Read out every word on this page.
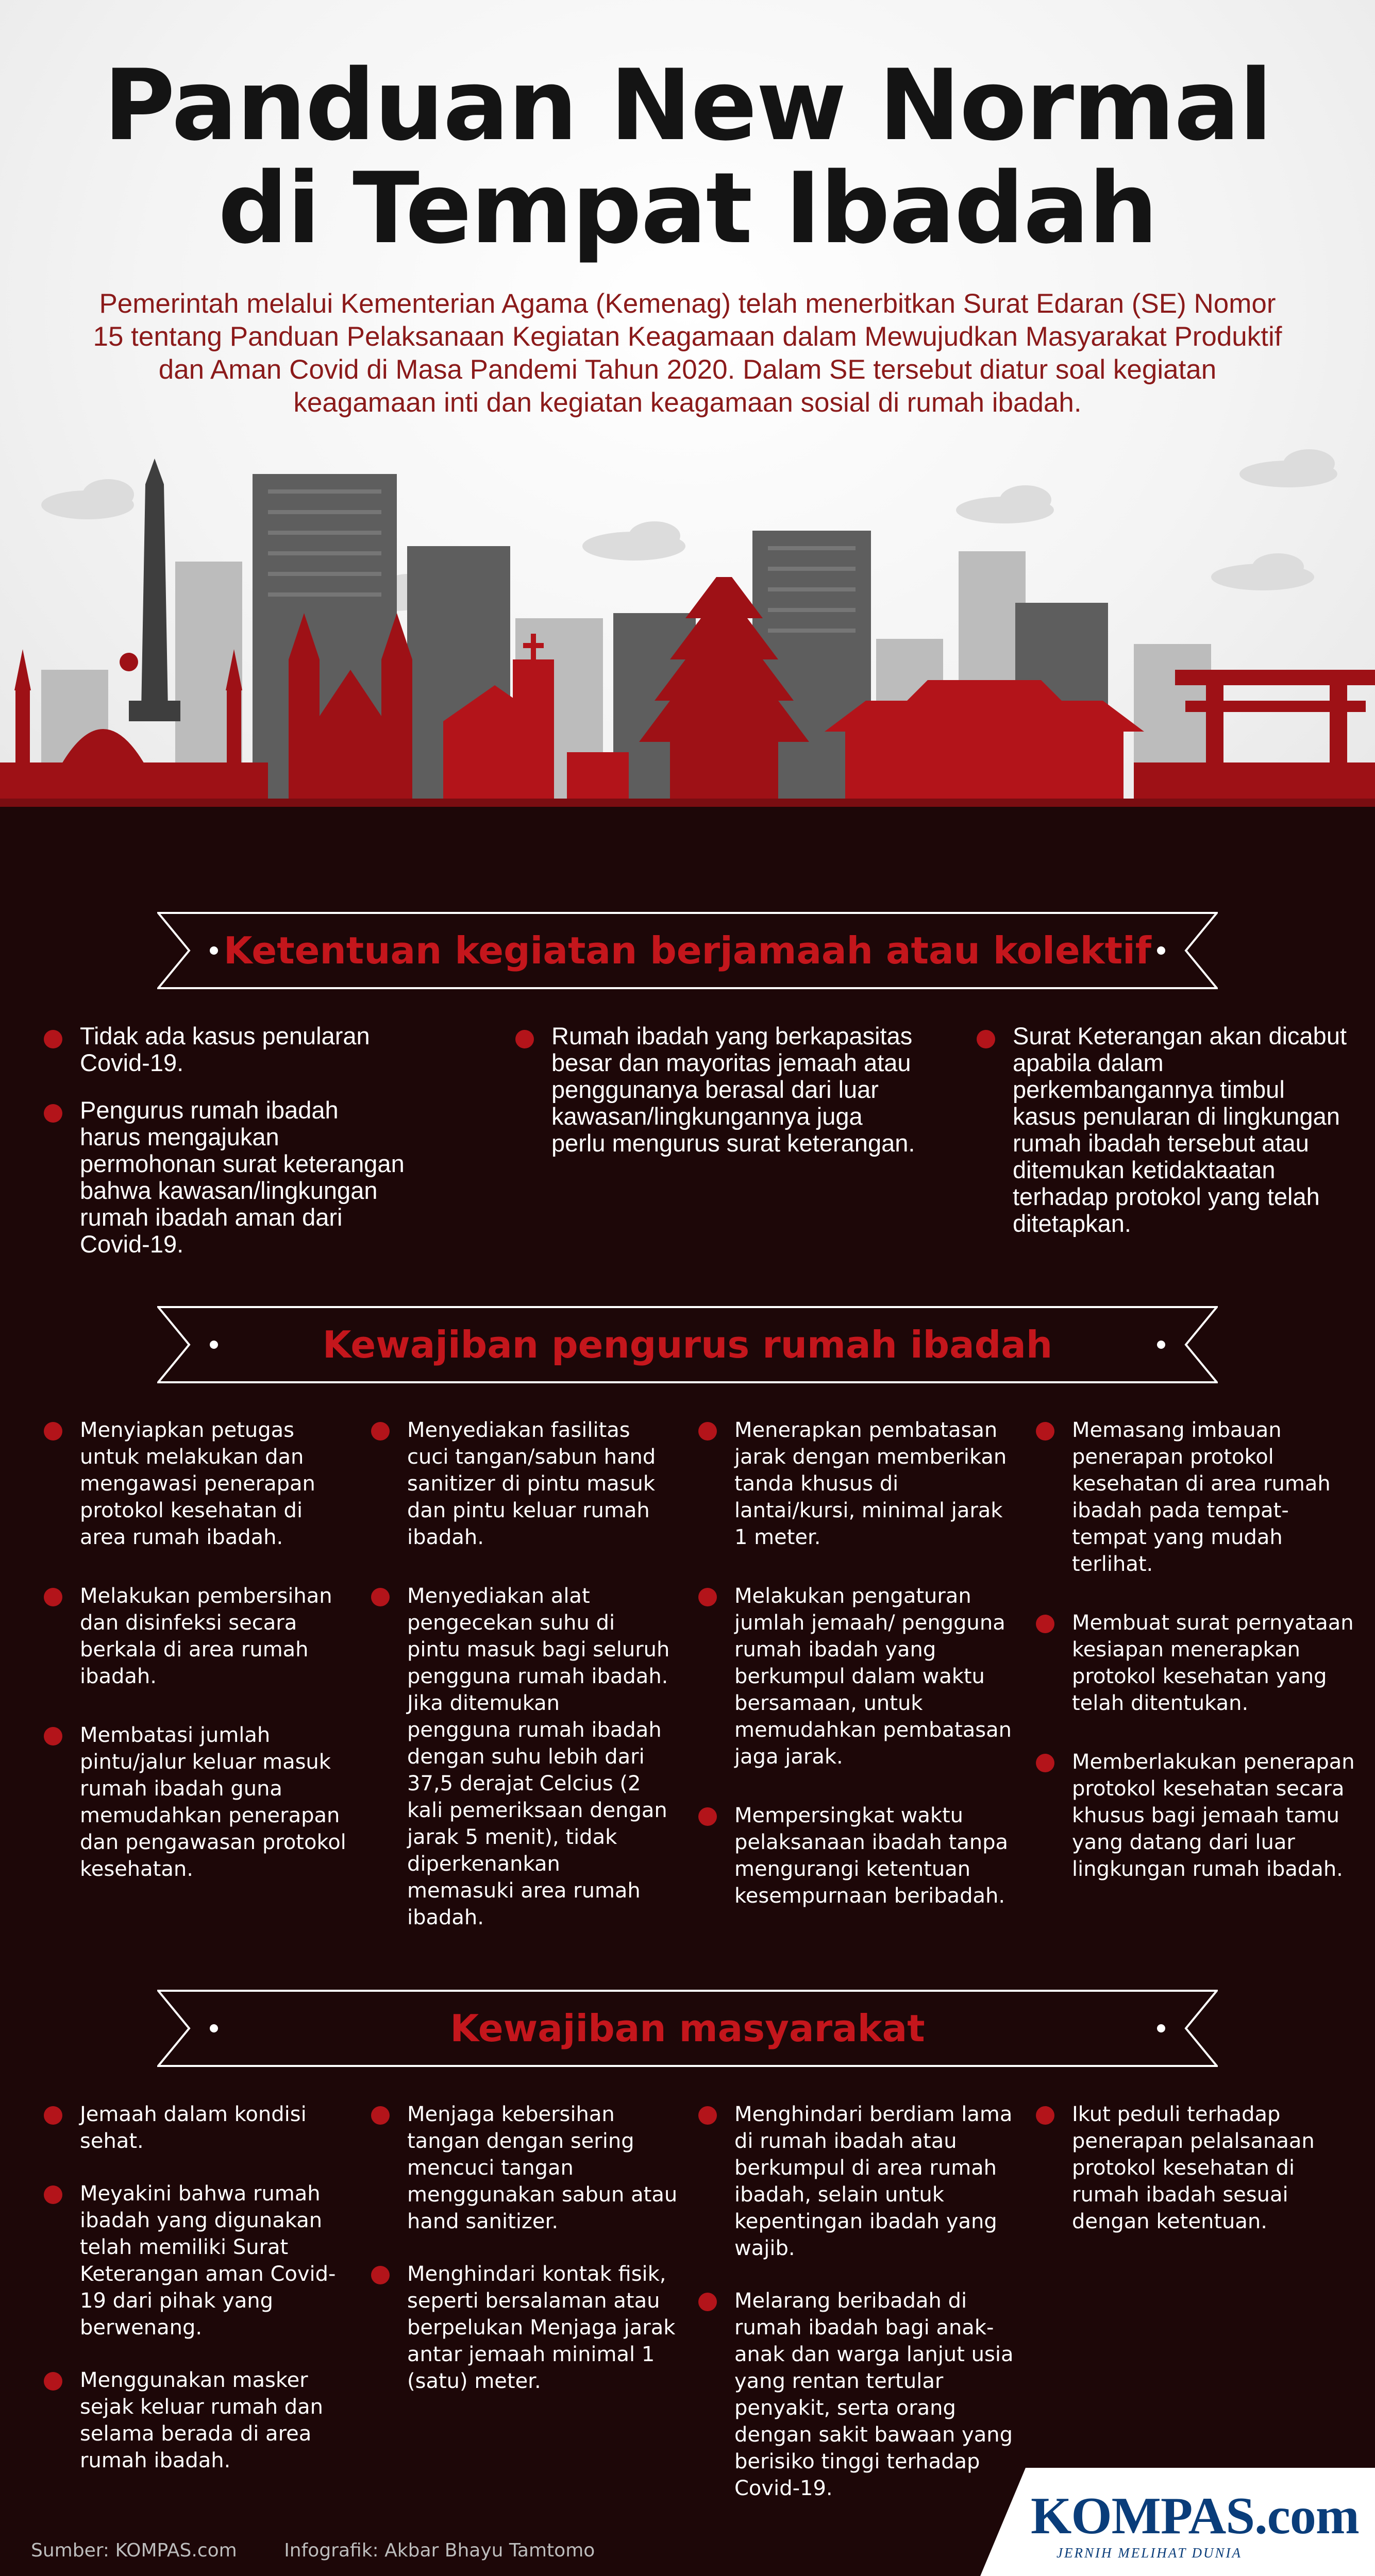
Panduan New Normal
di Tempat Ibadah
Pemerintah melalui Kementerian Agama (Kemenag) telah menerbitkan Surat Edaran (SE) Nomor 15 tentang Panduan Pelaksanaan Kegiatan Keagamaan dalam Mewujudkan Masyarakat Produktif dan Aman Covid di Masa Pandemi Tahun 2020. Dalam SE tersebut diatur soal kegiatan keagamaan inti dan kegiatan keagamaan sosial di rumah ibadah.
Ketentuan kegiatan berjamaah atau kolektif
Tidak ada kasus penularan Covid-19.
Pengurus rumah ibadah harus mengajukan permohonan surat keterangan bahwa kawasan/lingkungan rumah ibadah aman dari Covid-19.
Rumah ibadah yang berkapasitas besar dan mayoritas jemaah atau penggunanya berasal dari luar kawasan/lingkungannya juga perlu mengurus surat keterangan.
Surat Keterangan akan dicabut apabila dalam perkembangannya timbul kasus penularan di lingkungan rumah ibadah tersebut atau ditemukan ketidaktaatan terhadap protokol yang telah ditetapkan.
Kewajiban pengurus rumah ibadah
Menyiapkan petugas untuk melakukan dan mengawasi penerapan protokol kesehatan di area rumah ibadah.
Melakukan pembersihan dan disinfeksi secara berkala di area rumah ibadah.
Membatasi jumlah pintu/jalur keluar masuk rumah ibadah guna memudahkan penerapan dan pengawasan protokol kesehatan.
Menyediakan fasilitas cuci tangan/sabun hand sanitizer di pintu masuk dan pintu keluar rumah ibadah.
Menyediakan alat pengecekan suhu di pintu masuk bagi seluruh pengguna rumah ibadah. Jika ditemukan pengguna rumah ibadah dengan suhu lebih dari 37,5 derajat Celcius (2 kali pemeriksaan dengan jarak 5 menit), tidak diperkenankan memasuki area rumah ibadah.
Menerapkan pembatasan jarak dengan memberikan tanda khusus di lantai/kursi, minimal jarak 1 meter.
Melakukan pengaturan jumlah jemaah/ pengguna rumah ibadah yang berkumpul dalam waktu bersamaan, untuk memudahkan pembatasan jaga jarak.
Mempersingkat waktu pelaksanaan ibadah tanpa mengurangi ketentuan kesempurnaan beribadah.
Memasang imbauan penerapan protokol kesehatan di area rumah ibadah pada tempat-tempat yang mudah terlihat.
Membuat surat pernyataan kesiapan menerapkan protokol kesehatan yang telah ditentukan.
Memberlakukan penerapan protokol kesehatan secara khusus bagi jemaah tamu yang datang dari luar lingkungan rumah ibadah.
Kewajiban masyarakat
Jemaah dalam kondisi sehat.
Meyakini bahwa rumah ibadah yang digunakan telah memiliki Surat Keterangan aman Covid-19 dari pihak yang berwenang.
Menggunakan masker sejak keluar rumah dan selama berada di area rumah ibadah.
Menjaga kebersihan tangan dengan sering mencuci tangan menggunakan sabun atau hand sanitizer.
Menghindari kontak fisik, seperti bersalaman atau berpelukan Menjaga jarak antar jemaah minimal 1 (satu) meter.
Menghindari berdiam lama di rumah ibadah atau berkumpul di area rumah ibadah, selain untuk kepentingan ibadah yang wajib.
Melarang beribadah di rumah ibadah bagi anak-anak dan warga lanjut usia yang rentan tertular penyakit, serta orang dengan sakit bawaan yang berisiko tinggi terhadap Covid-19.
Ikut peduli terhadap penerapan pelalsanaan protokol kesehatan di rumah ibadah sesuai dengan ketentuan.
Sumber: KOMPAS.com	Infografik: Akbar Bhayu Tamtomo
KOMPAS.com
JERNIH MELIHAT DUNIA
